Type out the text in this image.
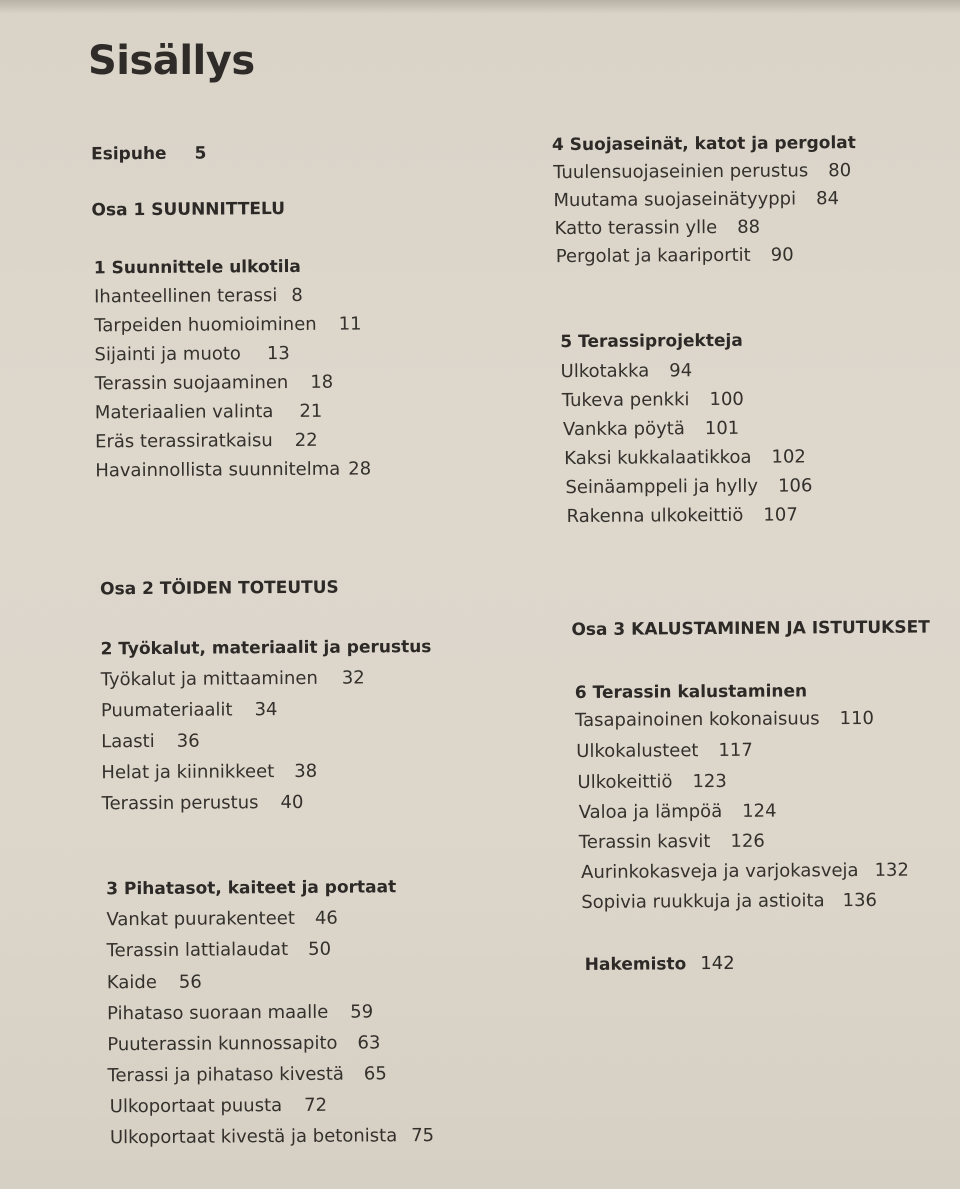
Sisällys
Esipuhe 5
Osa 1 SUUNNITTELU
1 Suunnittele ulkotila
Ihanteellinen terassi 8
Tarpeiden huomioiminen 11
Sijainti ja muoto 13
Terassin suojaaminen 18
Materiaalien valinta 21
Eräs terassiratkaisu 22
Havainnollista suunnitelma 28
Osa 2 TÖIDEN TOTEUTUS
2 Työkalut, materiaalit ja perustus
Työkalut ja mittaaminen 32
Puumateriaalit 34
Laasti 36
Helat ja kiinnikkeet 38
Terassin perustus 40
3 Pihatasot, kaiteet ja portaat
Vankat puurakenteet 46
Terassin lattialaudat 50
Kaide 56
Pihataso suoraan maalle 59
Puuterassin kunnossapito 63
Terassi ja pihataso kivestä 65
Ulkoportaat puusta 72
Ulkoportaat kivestä ja betonista 75
4 Suojaseinät, katot ja pergolat
Tuulensuojaseinien perustus 80
Muutama suojaseinätyyppi 84
Katto terassin ylle 88
Pergolat ja kaariportit 90
5 Terassiprojekteja
Ulkotakka 94
Tukeva penkki 100
Vankka pöytä 101
Kaksi kukkalaatikkoa 102
Seinäamppeli ja hylly 106
Rakenna ulkokeittiö 107
Osa 3 KALUSTAMINEN JA ISTUTUKSET
6 Terassin kalustaminen
Tasapainoinen kokonaisuus 110
Ulkokalusteet 117
Ulkokeittiö 123
Valoa ja lämpöä 124
Terassin kasvit 126
Aurinkokasveja ja varjokasveja 132
Sopivia ruukkuja ja astioita 136
Hakemisto 142
